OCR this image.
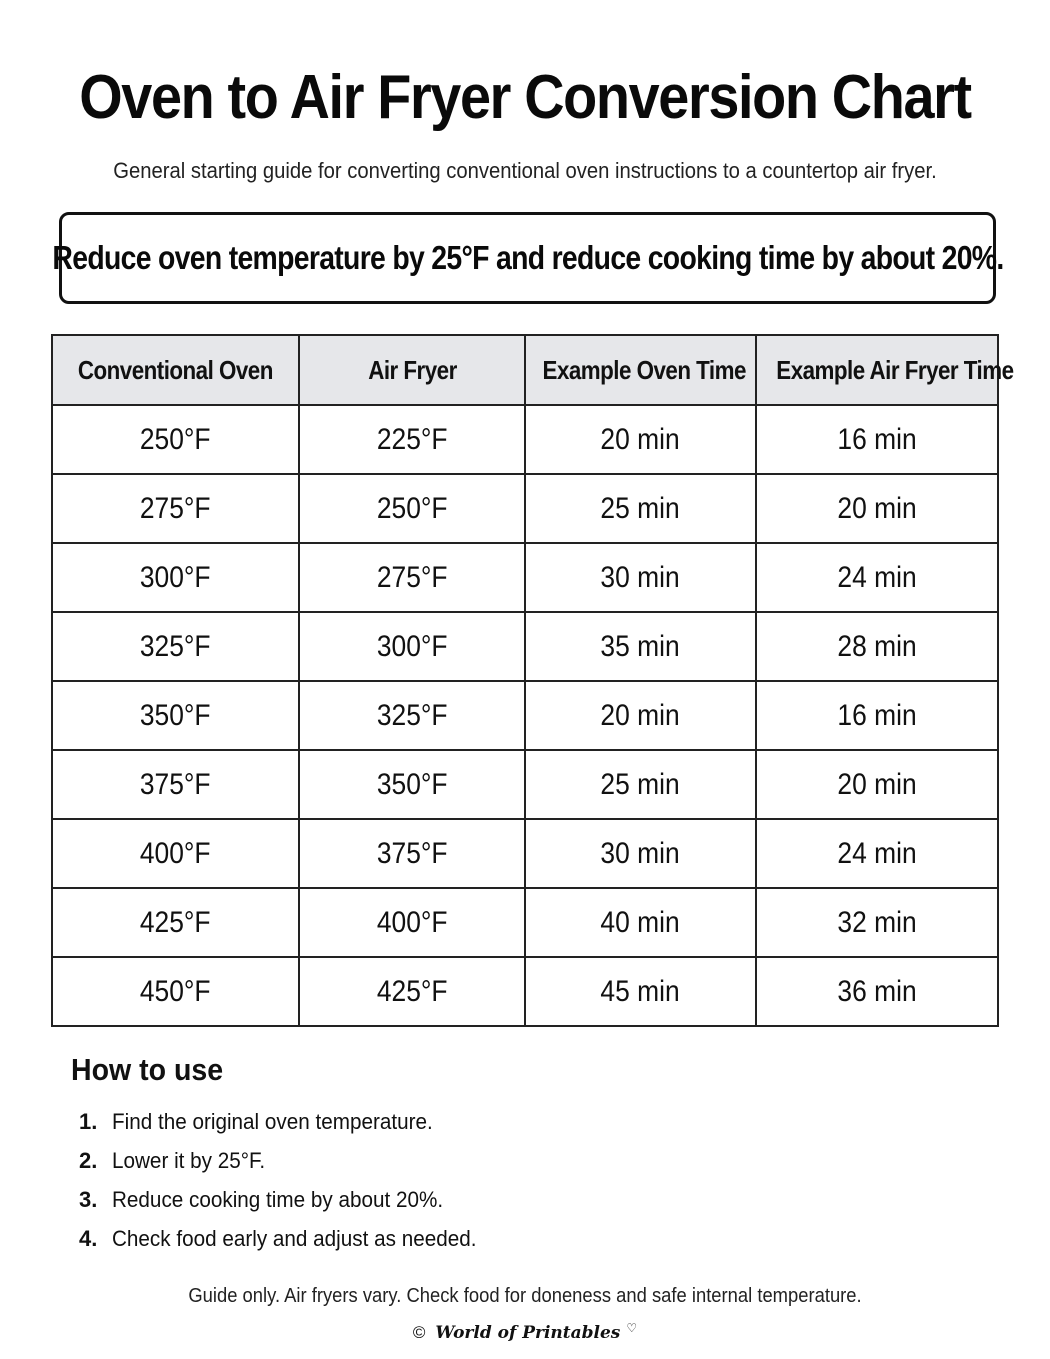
Oven to Air Fryer Conversion Chart

General starting guide for converting conventional oven instructions to a countertop air fryer.

Reduce oven temperature by 25°F and reduce cooking time by about 20%.
Conventional Oven	Air Fryer	Example Oven Time	Example Air Fryer Time
250°F	225°F	20 min	16 min
275°F	250°F	25 min	20 min
300°F	275°F	30 min	24 min
325°F	300°F	35 min	28 min
350°F	325°F	20 min	16 min
375°F	350°F	25 min	20 min
400°F	375°F	30 min	24 min
425°F	400°F	40 min	32 min
450°F	425°F	45 min	36 min
How to use
1. Find the original oven temperature.
2. Lower it by 25°F.
3. Reduce cooking time by about 20%.
4. Check food early and adjust as needed.

Guide only. Air fryers vary. Check food for doneness and safe internal temperature.

© World of Printables ♡
